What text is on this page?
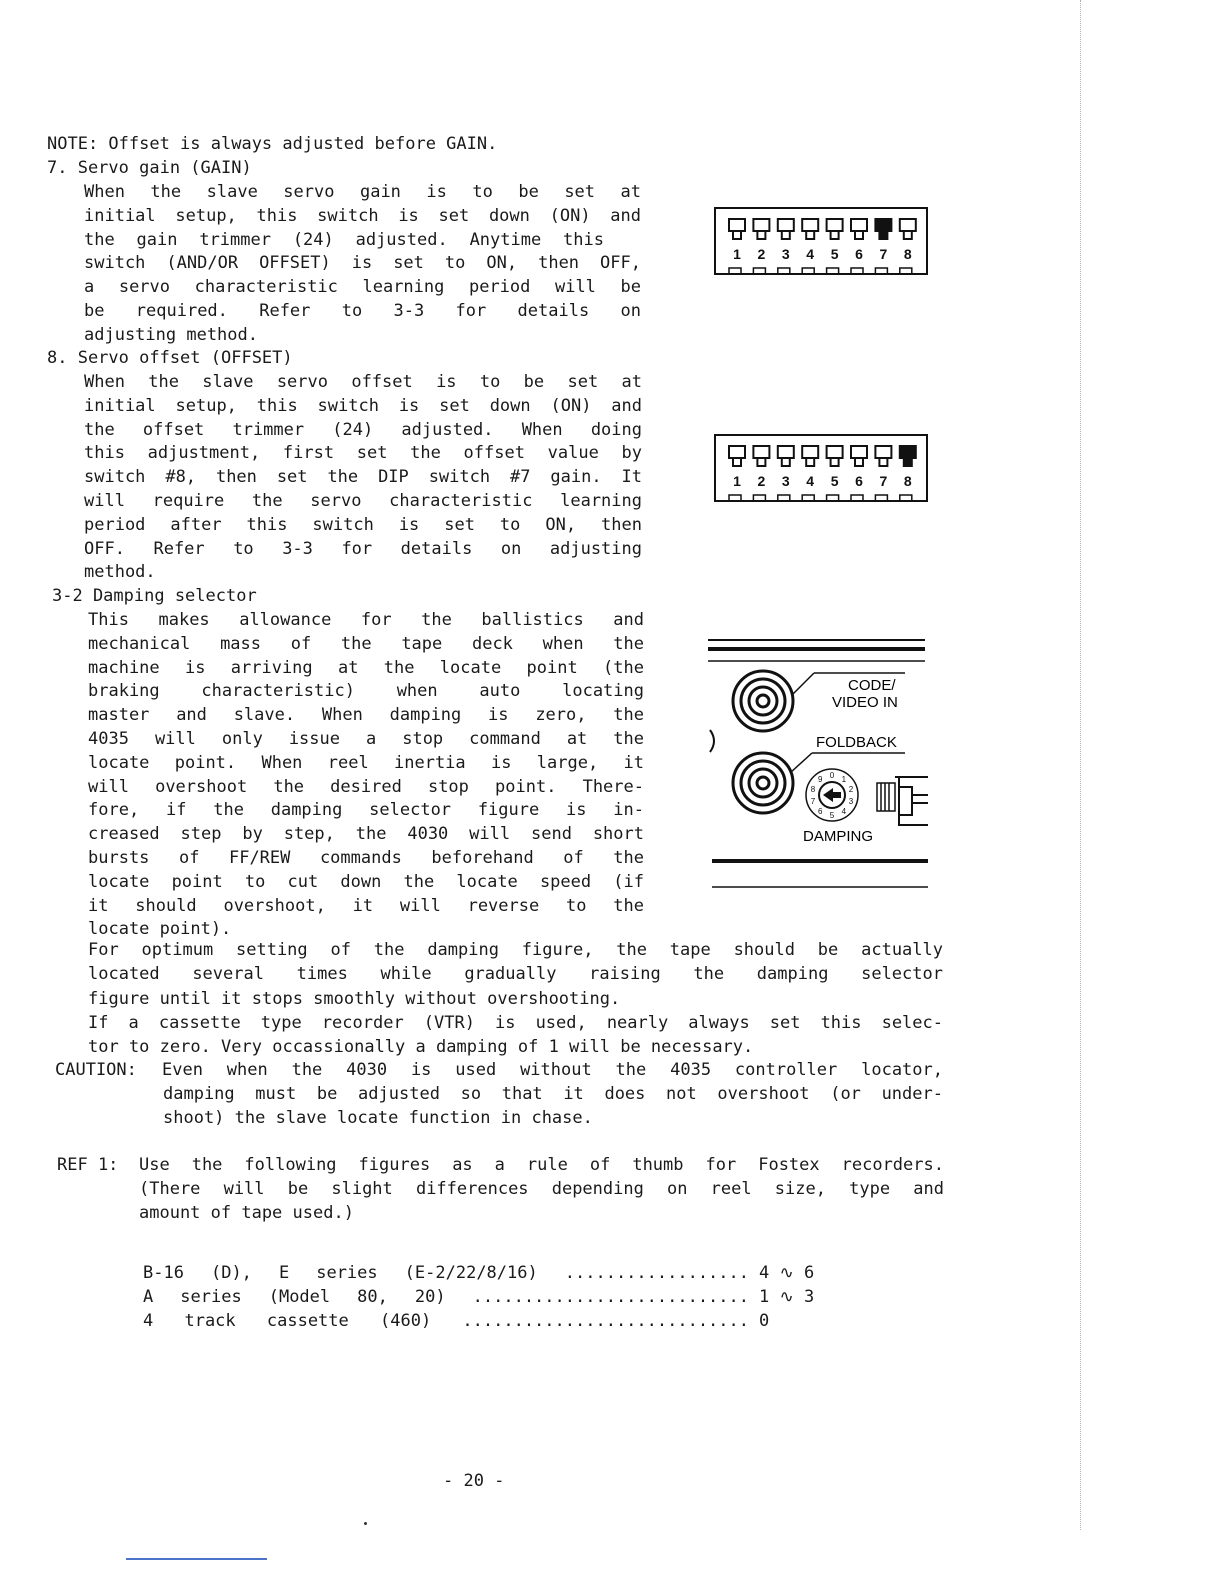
NOTE: Offset is always adjusted before GAIN.
7. Servo gain (GAIN)
When the slave servo gain is to be set at
initial setup, this switch is set down (ON) and
the gain trimmer (24) adjusted. Anytime this
switch (AND/OR OFFSET) is set to ON, then OFF,
a servo characteristic learning period will be
be required. Refer to 3-3 for details on
adjusting method.
8. Servo offset (OFFSET)
When the slave servo offset is to be set at
initial setup, this switch is set down (ON) and
the offset trimmer (24) adjusted. When doing
this adjustment, first set the offset value by
switch #8, then set the DIP switch #7 gain. It
will require the servo characteristic learning
period after this switch is set to ON, then
OFF. Refer to 3-3 for details on adjusting
method.
3-2 Damping selector
This makes allowance for the ballistics and
mechanical mass of the tape deck when the
machine is arriving at the locate point (the
braking characteristic) when auto locating
master and slave. When damping is zero, the
4035 will only issue a stop command at the
locate point. When reel inertia is large, it
will overshoot the desired stop point. There-
fore, if the damping selector figure is in-
creased step by step, the 4030 will send short
bursts of FF/REW commands beforehand of the
locate point to cut down the locate speed (if
it should overshoot, it will reverse to the
locate point).
For optimum setting of the damping figure, the tape should be actually
located several times while gradually raising the damping selector
figure until it stops smoothly without overshooting.
If a cassette type recorder (VTR) is used, nearly always set this selec-
tor to zero. Very occassionally a damping of 1 will be necessary.
CAUTION: Even when the 4030 is used without the 4035 controller locator,
damping must be adjusted so that it does not overshoot (or under-
shoot) the slave locate function in chase.
REF 1: Use the following figures as a rule of thumb for Fostex recorders.
(There will be slight differences depending on reel size, type and
amount of tape used.)
B-16 (D), E series (E-2/22/8/16) .................. 4 ∿ 6
A series (Model 80, 20) ........................... 1 ∿ 3
4 track cassette (460) ............................ 0
- 20 -
1 2 3 4 5 6 7 8
1 2 3 4 5 6 7 8
CODE/
VIDEO IN
FOLDBACK
0 1
2
3
4
5
6
7
8
9
DAMPING
